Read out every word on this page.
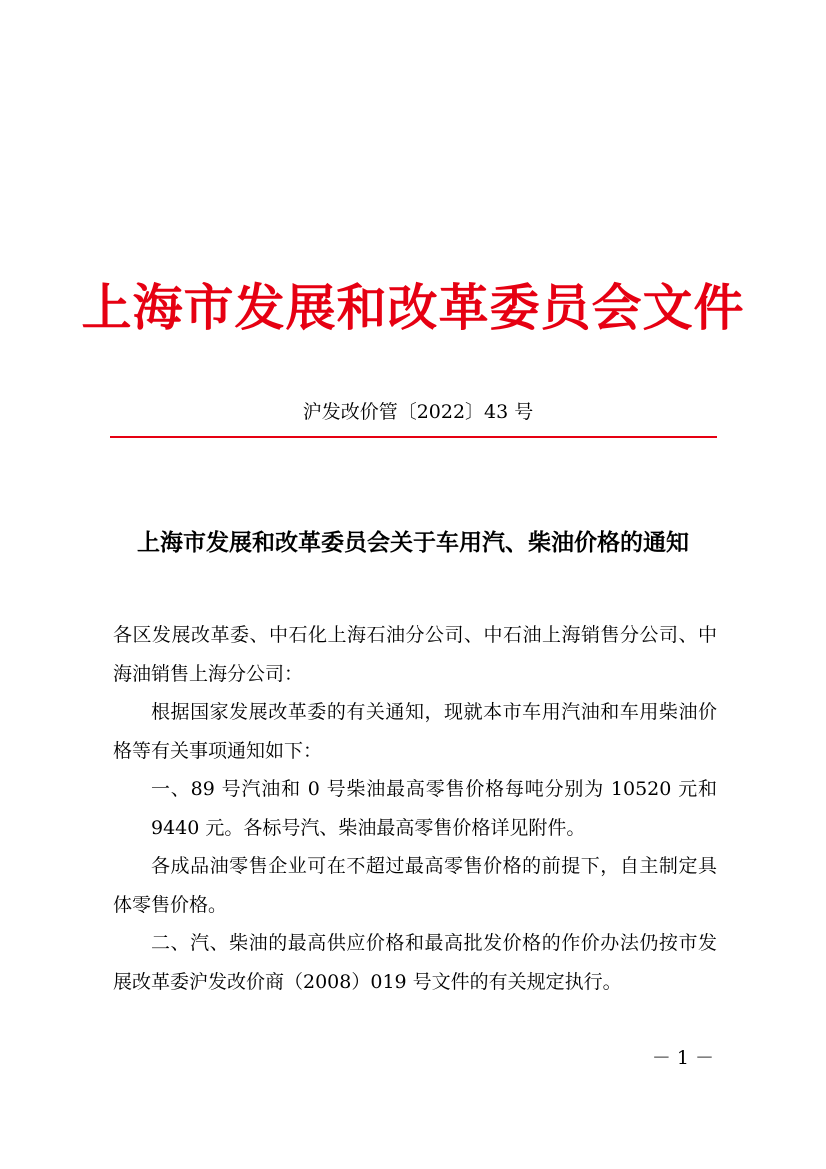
上海市发展和改革委员会文件
沪发改价管〔2022〕43 号
上海市发展和改革委员会关于车用汽、柴油价格的通知

各区发展改革委、中石化上海石油分公司、中石油上海销售分公司、中海油销售上海分公司：

根据国家发展改革委的有关通知，现就本市车用汽油和车用柴油价格等有关事项通知如下：

一、89 号汽油和 0 号柴油最高零售价格每吨分别为 10520 元和 9440 元。各标号汽、柴油最高零售价格详见附件。

各成品油零售企业可在不超过最高零售价格的前提下，自主制定具体零售价格。

二、汽、柴油的最高供应价格和最高批发价格的作价办法仍按市发展改革委沪发改价商（2008）019 号文件的有关规定执行。

－ 1 －
